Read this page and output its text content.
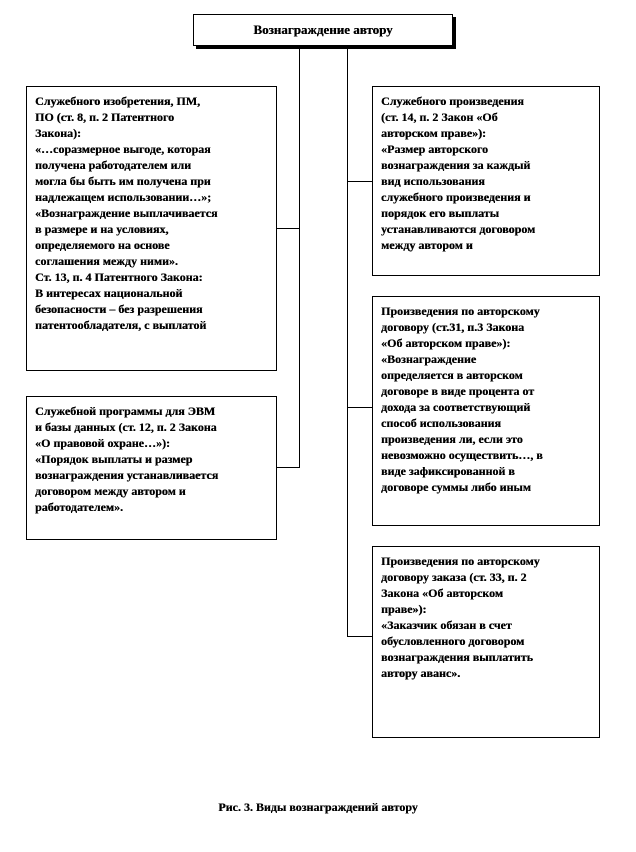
Вознаграждение автору
Служебного изобретения, ПМ,
ПО (ст. 8, п. 2 Патентного
Закона):
«…соразмерное выгоде, которая
получена работодателем или
могла бы быть им получена при
надлежащем использовании…»;
«Вознаграждение выплачивается
в размере и на условиях,
определяемого на основе
соглашения между ними».
Ст. 13, п. 4 Патентного Закона:
В интересах национальной
безопасности – без разрешения
патентообладателя, с выплатой
Служебной программы для ЭВМ
и базы данных (ст. 12, п. 2 Закона
«О правовой охране…»):
«Порядок выплаты и размер
вознаграждения устанавливается
договором между автором и
работодателем».
Служебного произведения
(ст. 14, п. 2 Закон «Об
авторском праве»):
«Размер авторского
вознаграждения за каждый
вид использования
служебного произведения и
порядок его выплаты
устанавливаются договором
между автором и
Произведения по авторскому
договору (ст.31, п.3 Закона
«Об авторском праве»):
«Вознаграждение
определяется в авторском
договоре в виде процента от
дохода за соответствующий
способ использования
произведения ли, если это
невозможно осуществить…, в
виде зафиксированной в
договоре суммы либо иным
Произведения по авторскому
договору заказа (ст. 33, п. 2
Закона «Об авторском
праве»):
«Заказчик обязан в счет
обусловленного договором
вознаграждения выплатить
автору аванс».
Рис. 3. Виды вознаграждений автору
